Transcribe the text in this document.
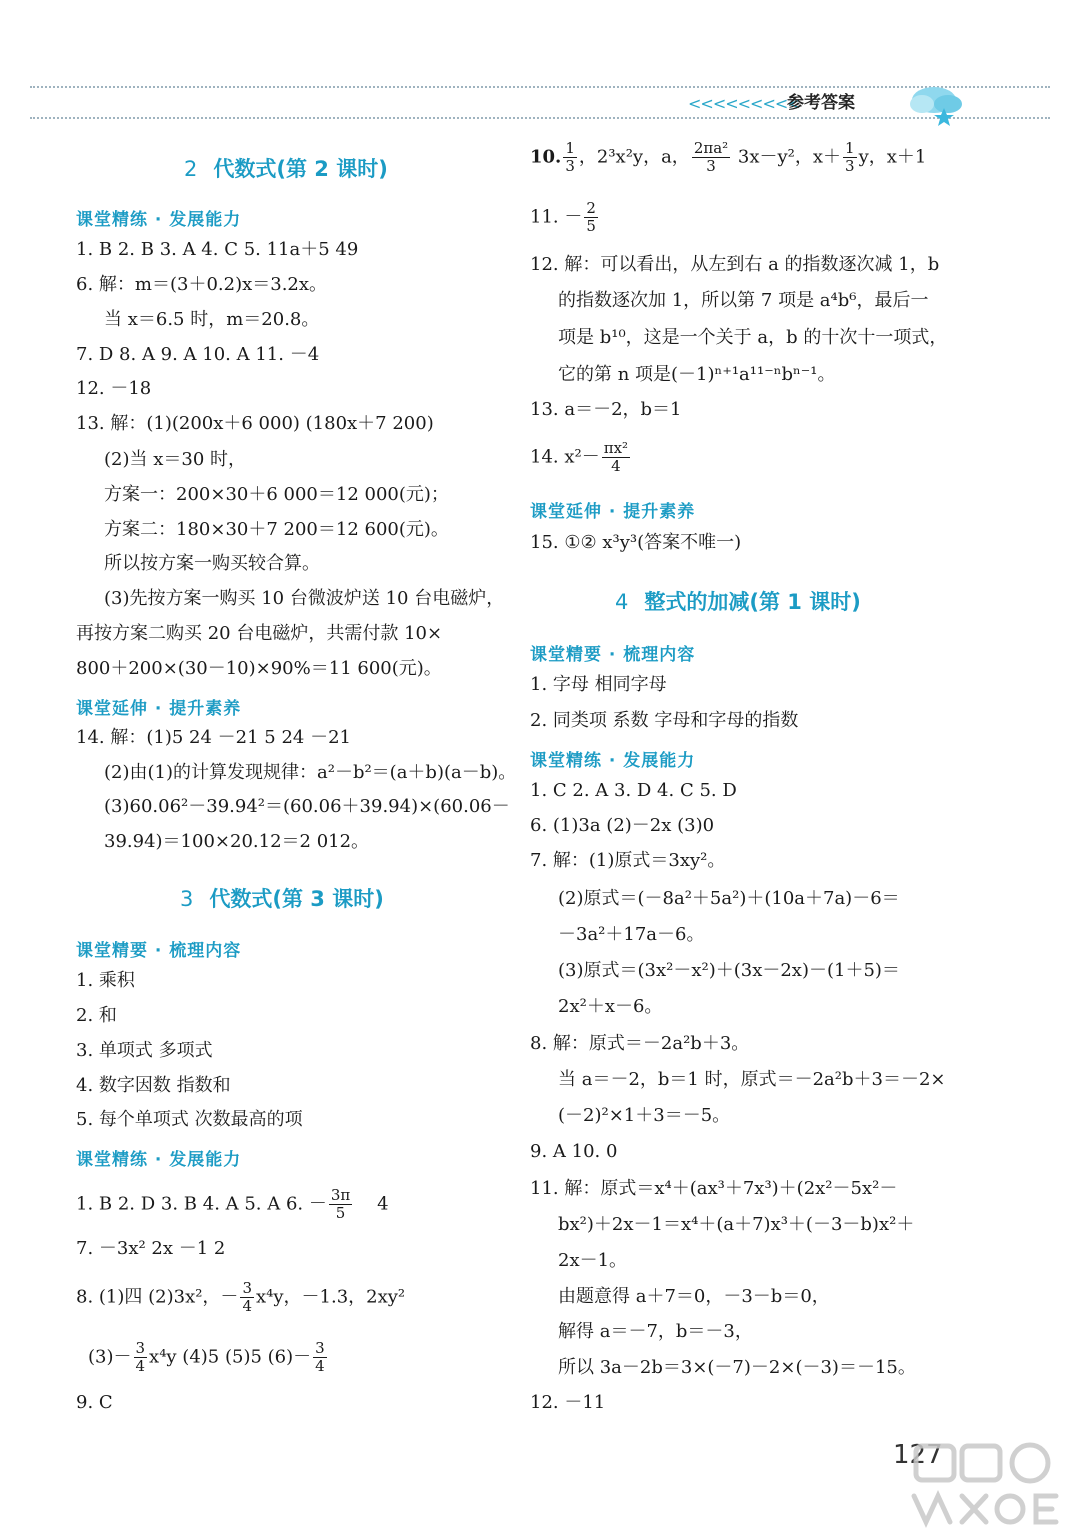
<<<<<<<<<
参考答案
2 代数式(第 2 课时)
课堂精练 · 发展能力
1. B 2. B 3. A 4. C 5. 11a＋5 49
6. 解：m＝(3＋0.2)x＝3.2x。
当 x＝6.5 时，m＝20.8。
7. D 8. A 9. A 10. A 11. －4
12. －18
13. 解：(1)(200x＋6 000) (180x＋7 200)
(2)当 x＝30 时，
方案一：200×30＋6 000＝12 000(元)；
方案二：180×30＋7 200＝12 600(元)。
所以按方案一购买较合算。
(3)先按方案一购买 10 台微波炉送 10 台电磁炉，
再按方案二购买 20 台电磁炉，共需付款 10×
800＋200×(30－10)×90%＝11 600(元)。
课堂延伸 · 提升素养
14. 解：(1)5 24 －21 5 24 －21
(2)由(1)的计算发现规律：a²－b²＝(a＋b)(a－b)。
(3)60.06²－39.94²＝(60.06＋39.94)×(60.06－
39.94)＝100×20.12＝2 012。
3 代数式(第 3 课时)
课堂精要 · 梳理内容
1. 乘积
2. 和
3. 单项式 多项式
4. 数字因数 指数和
5. 每个单项式 次数最高的项
课堂精练 · 发展能力
1. B 2. D 3. B 4. A 5. A 6. － $\frac{3\pi}{5} 4$
7. －3x² 2x －1 2
8. (1)四 (2)3x²，－ $\frac{3}{4} x^4y$，－1.3，2xy²
$(3)- \frac{3}{4} x^4y$ (4)5 (5)5 $(6)- \frac{3}{4}$
9. C
10. $\frac{1}{3}$ ，2³x²y，a， $\frac{\text{2πa²}}{3} 3x-y^2$，$x+ \frac{1}{3}$ y，x＋1
11. － $\frac{2}{5}$
12. 解：可以看出，从左到右 a 的指数逐次减 1，b
的指数逐次加 1，所以第 7 项是 a⁴b⁶，最后一
项是 b¹⁰，这是一个关于 a，b 的十次十一项式，
它的第 n 项是(－1)ⁿ⁺¹a¹¹⁻ⁿbⁿ⁻¹。
13. a＝－2，b＝1
14. $x^2- \frac{\text{πx²}}{4}$
课堂延伸 · 提升素养
15. ①② x³y³(答案不唯一)
4 整式的加减(第 1 课时)
课堂精要 · 梳理内容
1. 字母 相同字母
2. 同类项 系数 字母和字母的指数
课堂精练 · 发展能力
1. C 2. A 3. D 4. C 5. D
6. (1)3a (2)－2x (3)0
7. 解：(1)原式＝3xy²。
(2)原式＝(－8a²＋5a²)＋(10a＋7a)－6＝
－3a²＋17a－6。
(3)原式＝(3x²－x²)＋(3x－2x)－(1＋5)＝
2x²＋x－6。
8. 解：原式＝－2a²b＋3。
当 a＝－2，b＝1 时，原式＝－2a²b＋3＝－2×
(－2)²×1＋3＝－5。
9. A 10. 0
11. 解：原式＝x⁴＋(ax³＋7x³)＋(2x²－5x²－
bx²)＋2x－1＝x⁴＋(a＋7)x³＋(－3－b)x²＋
2x－1。
由题意得 a＋7＝0，－3－b＝0，
解得 a＝－7，b＝－3，
所以 3a－2b＝3×(－7)－2×(－3)＝－15。
12. －11
127
